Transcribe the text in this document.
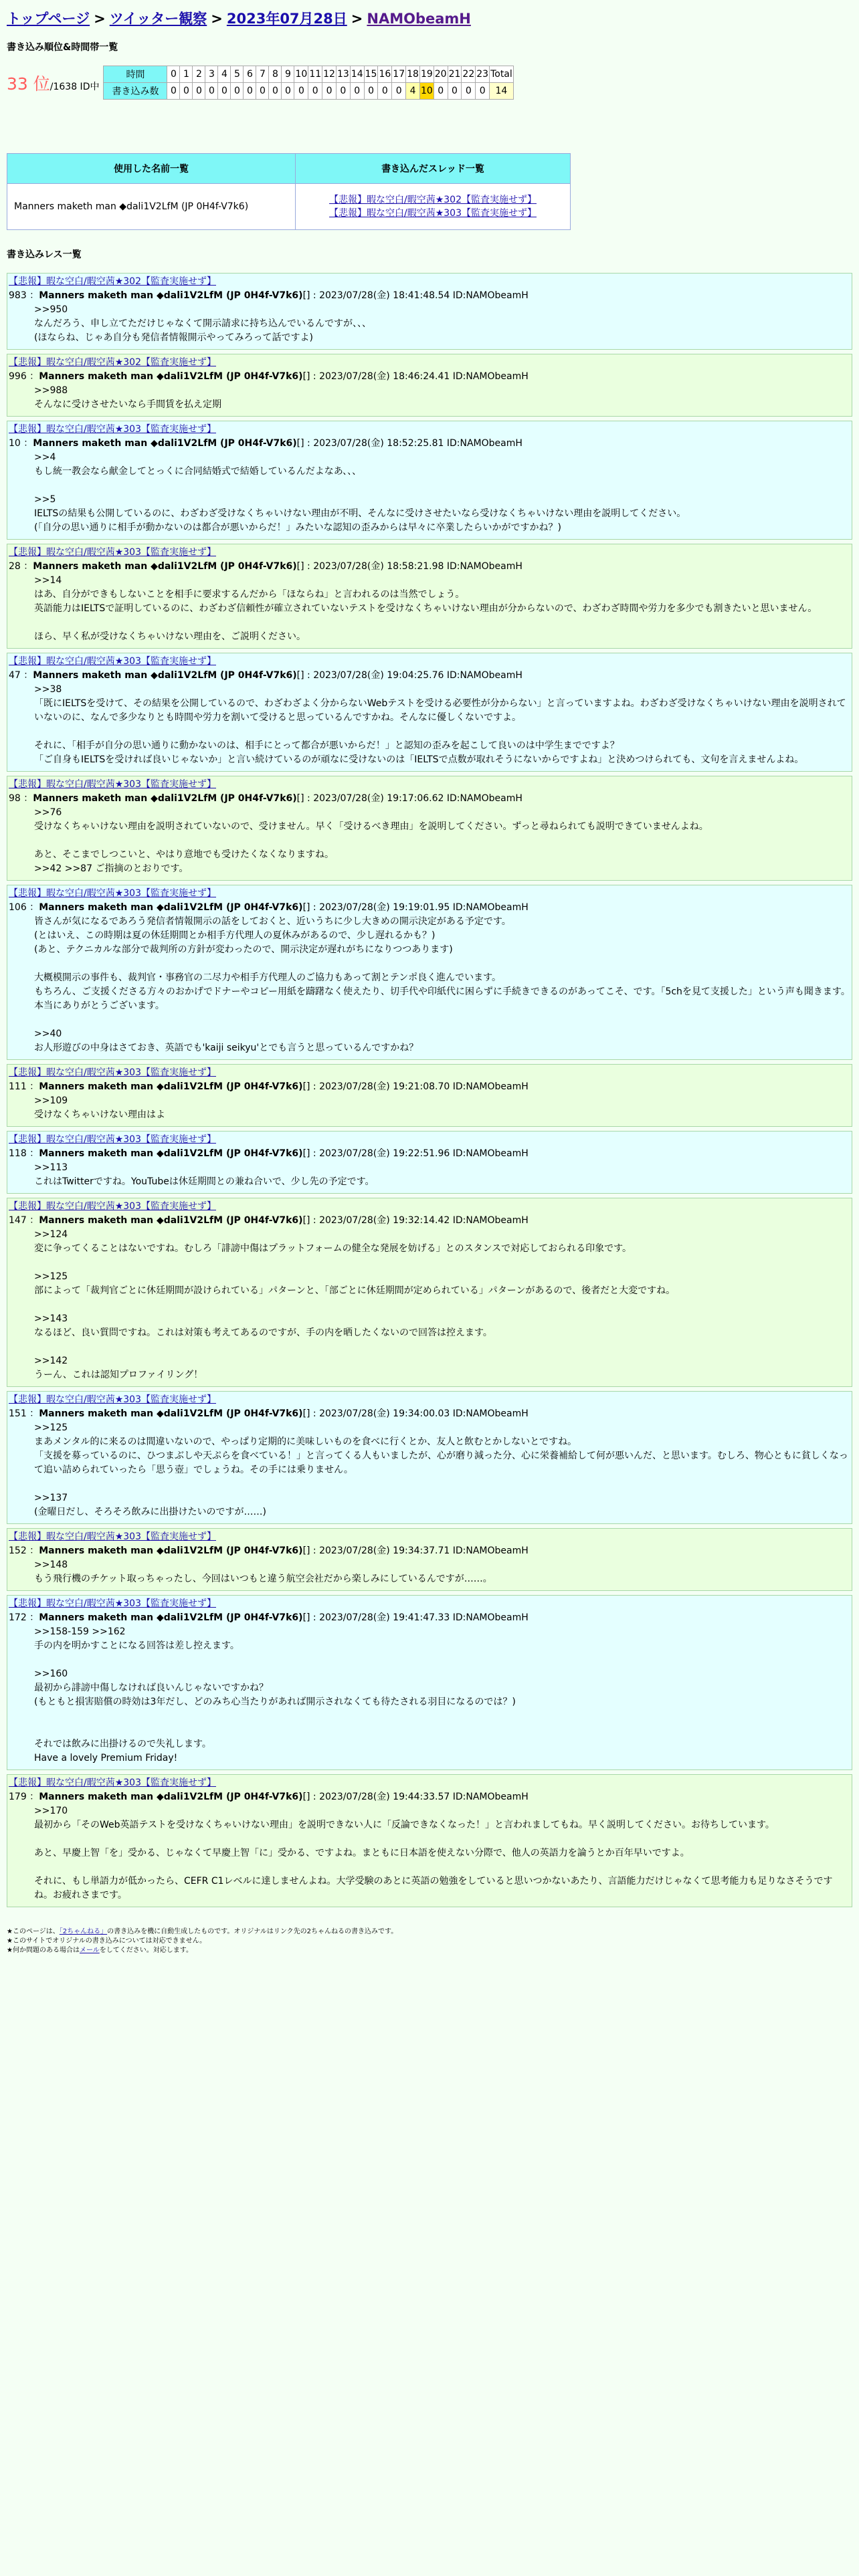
トップページ > ツイッター観察 > 2023年07月28日 > NAMObeamH
書き込み順位&時間帯一覧
33 位/1638 ID中
時間	0	1	2	3	4	5	6	7	8	9	10	11	12	13	14	15	16	17	18	19	20	21	22	23	Total
書き込み数	0	0	0	0	0	0	0	0	0	0	0	0	0	0	0	0	0	0	4	10	0	0	0	0	14
使用した名前一覧	書き込んだスレッド一覧
Manners maketh man ◆dali1V2LfM (JP 0H4f-V7k6)	【悲報】暇な空白/暇空茜★302【監査実施せず】
【悲報】暇な空白/暇空茜★303【監査実施せず】
書き込みレス一覧
【悲報】暇な空白/暇空茜★302【監査実施せず】
983 ：Manners maketh man ◆dali1V2LfM (JP 0H4f-V7k6)[] : 2023/07/28(金) 18:41:48.54 ID:NAMObeamH

>>950

なんだろう、申し立てただけじゃなくて開示請求に持ち込んでいるんですが、、、

(ほならね、じゃあ自分も発信者情報開示やってみろって話ですよ)

【悲報】暇な空白/暇空茜★302【監査実施せず】
996 ：Manners maketh man ◆dali1V2LfM (JP 0H4f-V7k6)[] : 2023/07/28(金) 18:46:24.41 ID:NAMObeamH

>>988

そんなに受けさせたいなら手間賃を払え定期

【悲報】暇な空白/暇空茜★303【監査実施せず】
10 ：Manners maketh man ◆dali1V2LfM (JP 0H4f-V7k6)[] : 2023/07/28(金) 18:52:25.81 ID:NAMObeamH

>>4

もし統一教会なら献金してとっくに合同結婚式で結婚しているんだよなあ、、、

>>5

IELTSの結果も公開しているのに、わざわざ受けなくちゃいけない理由が不明、そんなに受けさせたいなら受けなくちゃいけない理由を説明してください。

(「自分の思い通りに相手が動かないのは都合が悪いからだ！」みたいな認知の歪みからは早々に卒業したらいかがですかね？)

【悲報】暇な空白/暇空茜★303【監査実施せず】
28 ：Manners maketh man ◆dali1V2LfM (JP 0H4f-V7k6)[] : 2023/07/28(金) 18:58:21.98 ID:NAMObeamH

>>14

はあ、自分ができもしないことを相手に要求するんだから「ほならね」と言われるのは当然でしょう。

英語能力はIELTSで証明しているのに、わざわざ信頼性が確立されていないテストを受けなくちゃいけない理由が分からないので、わざわざ時間や労力を多少でも割きたいと思いません。

ほら、早く私が受けなくちゃいけない理由を、ご説明ください。

【悲報】暇な空白/暇空茜★303【監査実施せず】
47 ：Manners maketh man ◆dali1V2LfM (JP 0H4f-V7k6)[] : 2023/07/28(金) 19:04:25.76 ID:NAMObeamH

>>38

「既にIELTSを受けて、その結果を公開しているので、わざわざよく分からないWebテストを受ける必要性が分からない」と言っていますよね。わざわざ受けなくちゃいけない理由を説明されていないのに、なんで多少なりとも時間や労力を割いて受けると思っているんですかね。そんなに優しくないですよ。

それに、「相手が自分の思い通りに動かないのは、相手にとって都合が悪いからだ！」と認知の歪みを起こして良いのは中学生までですよ？

「ご自身もIELTSを受ければ良いじゃないか」と言い続けているのが頑なに受けないのは「IELTSで点数が取れそうにないからですよね」と決めつけられても、文句を言えませんよね。

【悲報】暇な空白/暇空茜★303【監査実施せず】
98 ：Manners maketh man ◆dali1V2LfM (JP 0H4f-V7k6)[] : 2023/07/28(金) 19:17:06.62 ID:NAMObeamH

>>76

受けなくちゃいけない理由を説明されていないので、受けません。早く「受けるべき理由」を説明してください。ずっと尋ねられても説明できていませんよね。

あと、そこまでしつこいと、やはり意地でも受けたくなくなりますね。

>>42 >>87 ご指摘のとおりです。

【悲報】暇な空白/暇空茜★303【監査実施せず】
106 ：Manners maketh man ◆dali1V2LfM (JP 0H4f-V7k6)[] : 2023/07/28(金) 19:19:01.95 ID:NAMObeamH

皆さんが気になるであろう発信者情報開示の話をしておくと、近いうちに少し大きめの開示決定がある予定です。

(とはいえ、この時期は夏の休廷期間とか相手方代理人の夏休みがあるので、少し遅れるかも？)

(あと、テクニカルな部分で裁判所の方針が変わったので、開示決定が遅れがちになりつつあります)

大概模開示の事件も、裁判官・事務官の二尽力や相手方代理人のご協力もあって割とテンポ良く進んでいます。

もちろん、ご支援くださる方々のおかげでドナーやコピー用紙を躊躇なく使えたり、切手代や印紙代に困らずに手続きできるのがあってこそ、です。「5chを見て支援した」という声も聞きます。本当にありがとうございます。

>>40

お人形遊びの中身はさておき、英語でも'kaiji seikyu'とでも言うと思っているんですかね？

【悲報】暇な空白/暇空茜★303【監査実施せず】
111 ：Manners maketh man ◆dali1V2LfM (JP 0H4f-V7k6)[] : 2023/07/28(金) 19:21:08.70 ID:NAMObeamH

>>109

受けなくちゃいけない理由はよ

【悲報】暇な空白/暇空茜★303【監査実施せず】
118 ：Manners maketh man ◆dali1V2LfM (JP 0H4f-V7k6)[] : 2023/07/28(金) 19:22:51.96 ID:NAMObeamH

>>113

これはTwitterですね。YouTubeは休廷期間との兼ね合いで、少し先の予定です。

【悲報】暇な空白/暇空茜★303【監査実施せず】
147 ：Manners maketh man ◆dali1V2LfM (JP 0H4f-V7k6)[] : 2023/07/28(金) 19:32:14.42 ID:NAMObeamH

>>124

変に争ってくることはないですね。むしろ「誹謗中傷はプラットフォームの健全な発展を妨げる」とのスタンスで対応しておられる印象です。

>>125

部によって「裁判官ごとに休廷期間が設けられている」パターンと、「部ごとに休廷期間が定められている」パターンがあるので、後者だと大変ですね。

>>143

なるほど、良い質問ですね。これは対策も考えてあるのですが、手の内を晒したくないので回答は控えます。

>>142

うーん、これは認知プロファイリング！

【悲報】暇な空白/暇空茜★303【監査実施せず】
151 ：Manners maketh man ◆dali1V2LfM (JP 0H4f-V7k6)[] : 2023/07/28(金) 19:34:00.03 ID:NAMObeamH

>>125

まあメンタル的に来るのは間違いないので、やっぱり定期的に美味しいものを食べに行くとか、友人と飲むとかしないとですね。

「支援を募っているのに、ひつまぶしや天ぷらを食べている！」と言ってくる人もいましたが、心が磨り減った分、心に栄養補給して何が悪いんだ、と思います。むしろ、物心ともに貧しくなって追い詰められていったら「思う壺」でしょうね。その手には乗りません。

>>137

(金曜日だし、そろそろ飲みに出掛けたいのですが……)

【悲報】暇な空白/暇空茜★303【監査実施せず】
152 ：Manners maketh man ◆dali1V2LfM (JP 0H4f-V7k6)[] : 2023/07/28(金) 19:34:37.71 ID:NAMObeamH

>>148

もう飛行機のチケット取っちゃったし、今回はいつもと違う航空会社だから楽しみにしているんですが……。

【悲報】暇な空白/暇空茜★303【監査実施せず】
172 ：Manners maketh man ◆dali1V2LfM (JP 0H4f-V7k6)[] : 2023/07/28(金) 19:41:47.33 ID:NAMObeamH

>>158-159 >>162

手の内を明かすことになる回答は差し控えます。

>>160

最初から誹謗中傷しなければ良いんじゃないですかね？

(もともと損害賠償の時効は3年だし、どのみち心当たりがあれば開示されなくても待たされる羽目になるのでは？)

それでは飲みに出掛けるので失礼します。

Have a lovely Premium Friday!

【悲報】暇な空白/暇空茜★303【監査実施せず】
179 ：Manners maketh man ◆dali1V2LfM (JP 0H4f-V7k6)[] : 2023/07/28(金) 19:44:33.57 ID:NAMObeamH

>>170

最初から「そのWeb英語テストを受けなくちゃいけない理由」を説明できない人に「反論できなくなった！」と言われましてもね。早く説明してください。お待ちしています。

あと、早慶上智「を」受かる、じゃなくて早慶上智「に」受かる、ですよね。まともに日本語を使えない分際で、他人の英語力を論うとか百年早いですよ。

それに、もし単語力が低かったら、CEFR C1レベルに達しませんよね。大学受験のあとに英語の勉強をしていると思いつかないあたり、言語能力だけじゃなくて思考能力も足りなさそうですね。お疲れさまです。

★このページは、「2ちゃんねる」の書き込みを機に自動生成したものです。オリジナルはリンク先の2ちゃんねるの書き込みです。
★このサイトでオリジナルの書き込みについては対応できません。
★何か問題のある場合はメールをしてください。対応します。
